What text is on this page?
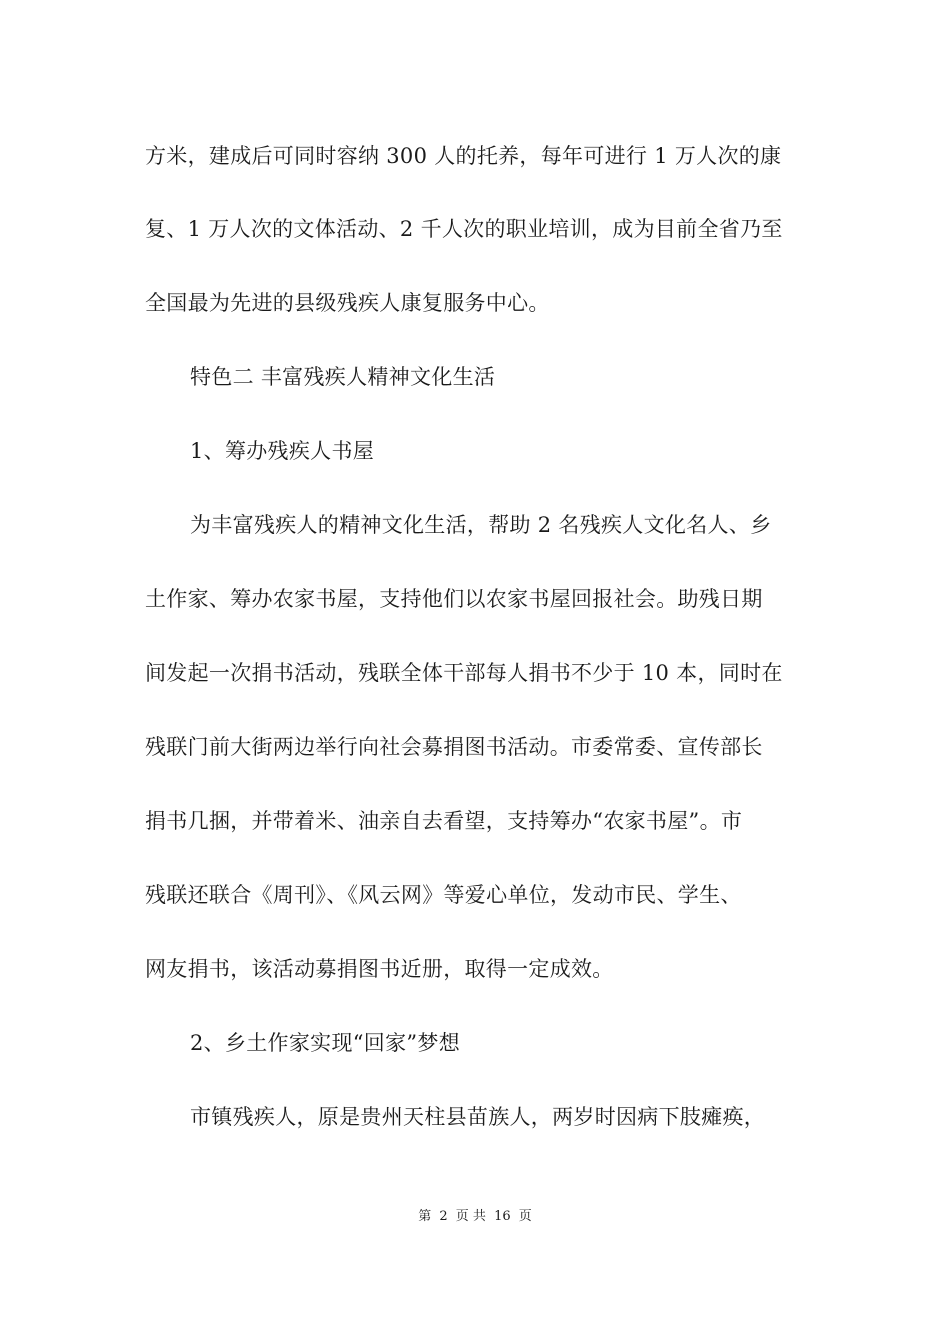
方米，建成后可同时容纳 300 人的托养，每年可进行 1 万人次的康
复、1 万人次的文体活动、2 千人次的职业培训，成为目前全省乃至
全国最为先进的县级残疾人康复服务中心。
特色二 丰富残疾人精神文化生活
1、筹办残疾人书屋
为丰富残疾人的精神文化生活，帮助 2 名残疾人文化名人、乡
土作家、筹办农家书屋，支持他们以农家书屋回报社会。助残日期
间发起一次捐书活动，残联全体干部每人捐书不少于 10 本，同时在
残联门前大街两边举行向社会募捐图书活动。市委常委、宣传部长
捐书几捆，并带着米、油亲自去看望，支持筹办“农家书屋”。市
残联还联合《周刊》、《风云网》等爱心单位，发动市民、学生、
网友捐书，该活动募捐图书近册，取得一定成效。
2、乡土作家实现“回家”梦想
市镇残疾人，原是贵州天柱县苗族人，两岁时因病下肢瘫痪，
第 2 页 共 16 页
